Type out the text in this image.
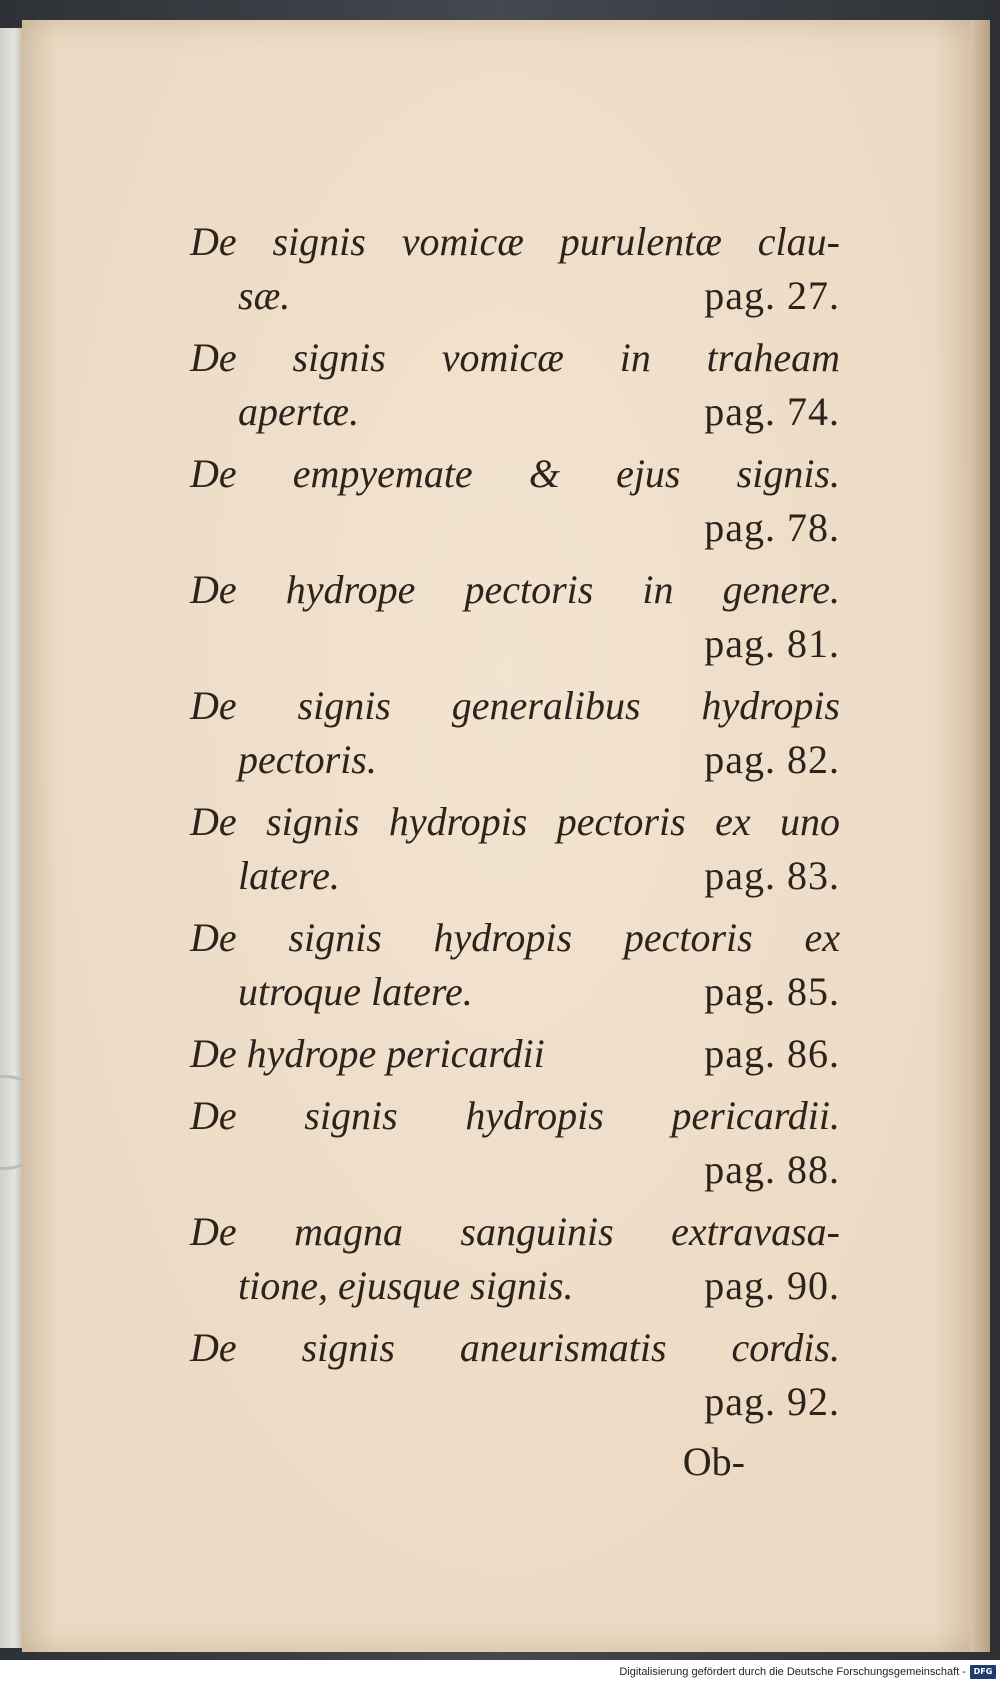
De signis vomicæ purulentæ clau-
sæ.	pag. 27.
De signis vomicæ in traheam
apertæ.	pag. 74.
De empyemate & ejus signis.
pag. 78.
De hydrope pectoris in genere.
pag. 81.
De signis generalibus hydropis
pectoris.	pag. 82.
De signis hydropis pectoris ex uno
latere.	pag. 83.
De signis hydropis pectoris ex
utroque latere.	pag. 85.
De hydrope pericardii	pag. 86.
De signis hydropis pericardii.
pag. 88.
De magna sanguinis extravasa-
tione, ejusque signis.	pag. 90.
De signis aneurismatis cordis.
pag. 92.
Ob-
Digitalisierung gefördert durch die Deutsche Forschungsgemeinschaft - DFG
